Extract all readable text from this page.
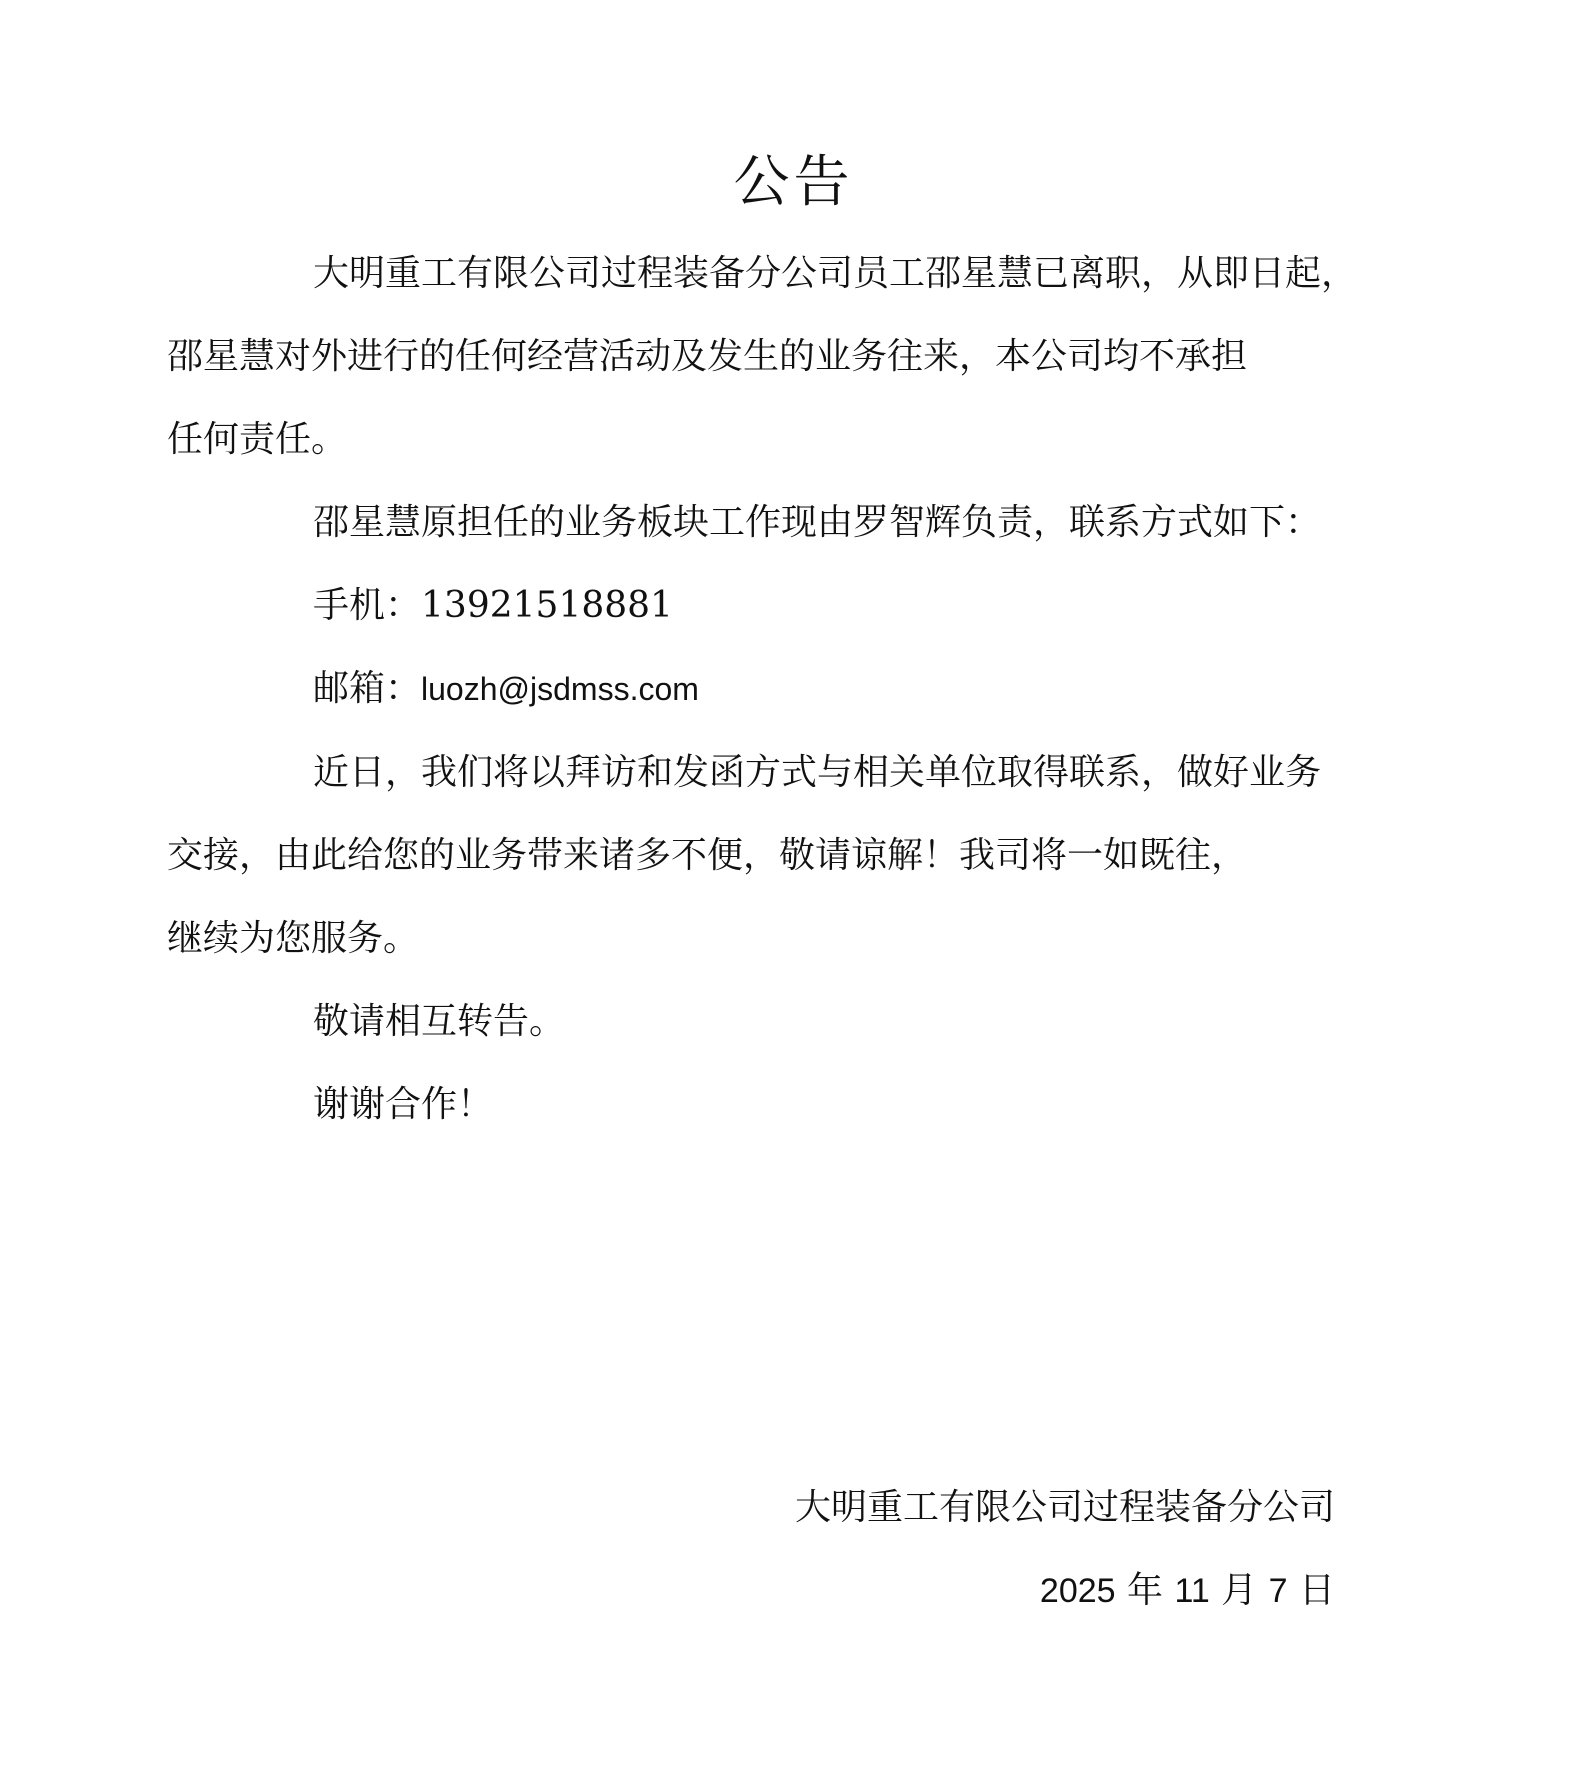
公告

大明重工有限公司过程装备分公司员工邵星慧已离职，从即日起，
邵星慧对外进行的任何经营活动及发生的业务往来，本公司均不承担
任何责任。

邵星慧原担任的业务板块工作现由罗智辉负责，联系方式如下：

手机：13921518881

邮箱：luozh@jsdmss.com

近日，我们将以拜访和发函方式与相关单位取得联系，做好业务
交接，由此给您的业务带来诸多不便，敬请谅解！我司将一如既往，
继续为您服务。

敬请相互转告。

谢谢合作！

大明重工有限公司过程装备分公司
2025 年 11 月 7 日
